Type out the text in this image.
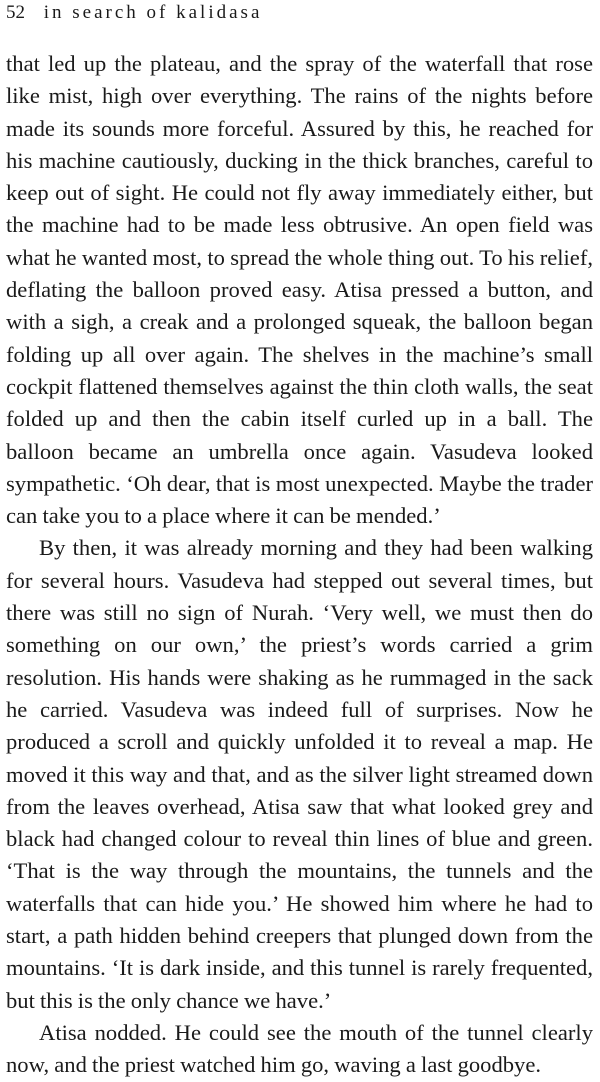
52 in search of kalidasa

that led up the plateau, and the spray of the waterfall that rose like mist, high over everything. The rains of the nights before made its sounds more forceful. Assured by this, he reached for his machine cautiously, ducking in the thick branches, careful to keep out of sight. He could not fly away immediately either, but the machine had to be made less obtrusive. An open field was what he wanted most, to spread the whole thing out. To his relief, deflating the balloon proved easy. Atisa pressed a button, and with a sigh, a creak and a prolonged squeak, the balloon began folding up all over again. The shelves in the machine’s small cockpit flattened themselves against the thin cloth walls, the seat folded up and then the cabin itself curled up in a ball. The balloon became an umbrella once again. Vasudeva looked sympathetic. ‘Oh dear, that is most unexpected. Maybe the trader can take you to a place where it can be mended.’

By then, it was already morning and they had been walking for several hours. Vasudeva had stepped out several times, but there was still no sign of Nurah. ‘Very well, we must then do something on our own,’ the priest’s words carried a grim resolution. His hands were shaking as he rummaged in the sack he carried. Vasudeva was indeed full of surprises. Now he produced a scroll and quickly unfolded it to reveal a map. He moved it this way and that, and as the silver light streamed down from the leaves overhead, Atisa saw that what looked grey and black had changed colour to reveal thin lines of blue and green. ‘That is the way through the mountains, the tunnels and the waterfalls that can hide you.’ He showed him where he had to start, a path hidden behind creepers that plunged down from the mountains. ‘It is dark inside, and this tunnel is rarely frequented, but this is the only chance we have.’

Atisa nodded. He could see the mouth of the tunnel clearly now, and the priest watched him go, waving a last goodbye.
